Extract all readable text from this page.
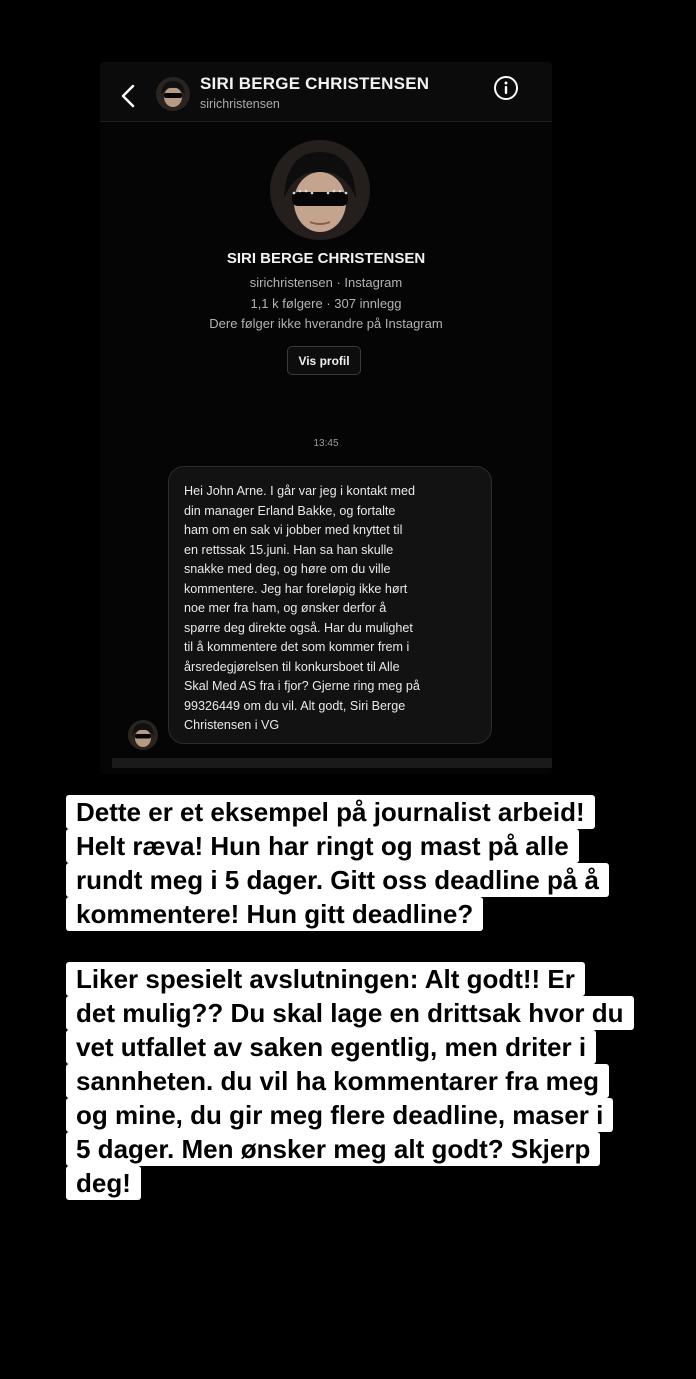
SIRI BERGE CHRISTENSEN
sirichristensen
SIRI BERGE CHRISTENSEN
sirichristensen · Instagram
1,1 k følgere · 307 innlegg
Dere følger ikke hverandre på Instagram
Vis profil
13:45
Hei John Arne. I går var jeg i kontakt med
din manager Erland Bakke, og fortalte
ham om en sak vi jobber med knyttet til
en rettssak 15.juni. Han sa han skulle
snakke med deg, og høre om du ville
kommentere. Jeg har foreløpig ikke hørt
noe mer fra ham, og ønsker derfor å
spørre deg direkte også. Har du mulighet
til å kommentere det som kommer frem i
årsredegjørelsen til konkursboet til Alle
Skal Med AS fra i fjor? Gjerne ring meg på
99326449 om du vil. Alt godt, Siri Berge
Christensen i VG
Dette er et eksempel på journalist arbeid!
Helt ræva! Hun har ringt og mast på alle
rundt meg i 5 dager. Gitt oss deadline på å
kommentere! Hun gitt deadline?
Liker spesielt avslutningen: Alt godt!! Er
det mulig?? Du skal lage en drittsak hvor du
vet utfallet av saken egentlig, men driter i
sannheten. du vil ha kommentarer fra meg
og mine, du gir meg flere deadline, maser i
5 dager. Men ønsker meg alt godt? Skjerp
deg!
